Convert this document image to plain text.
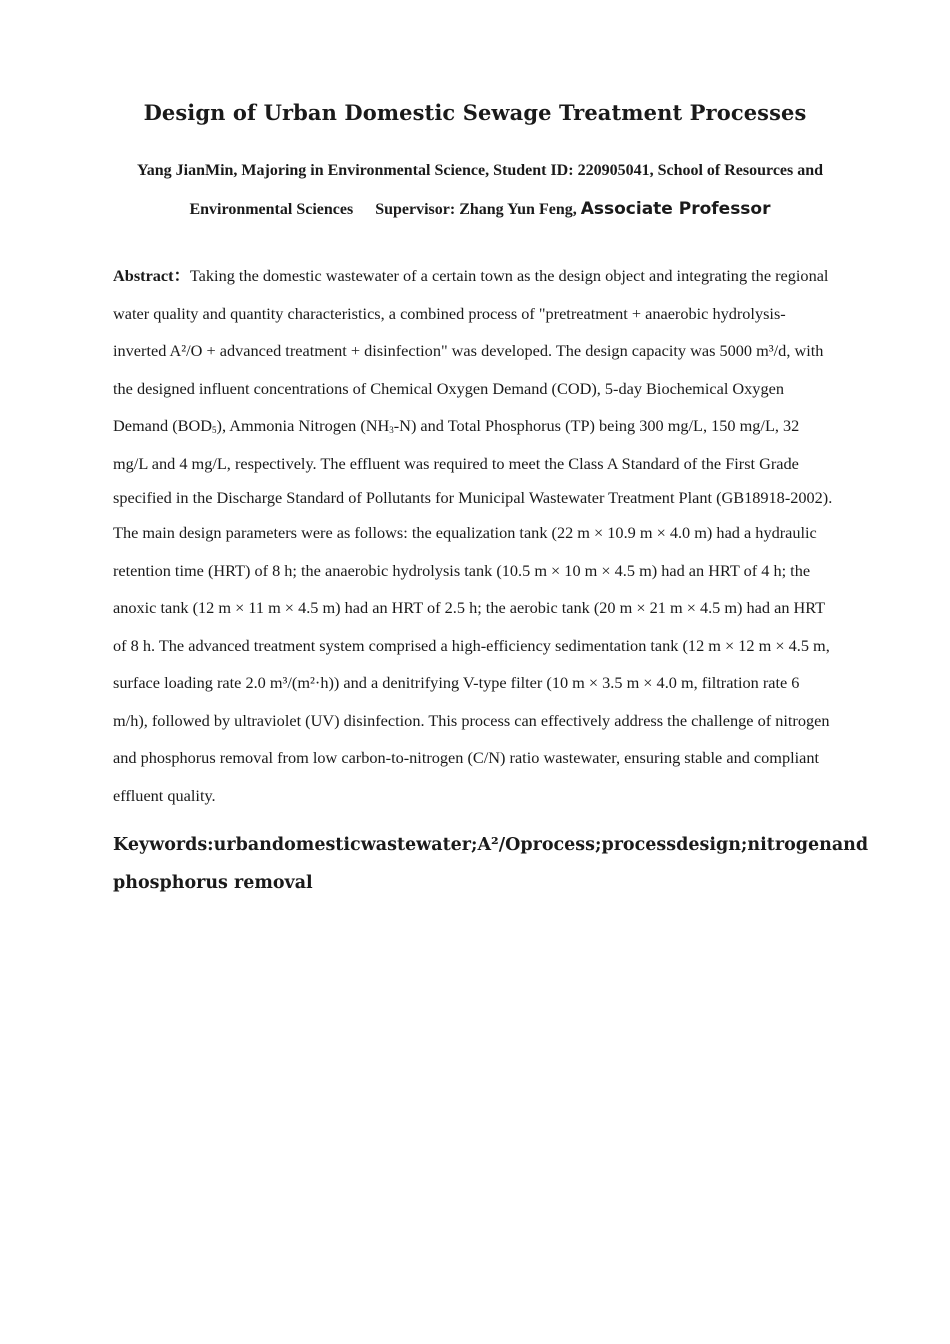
Design of Urban Domestic Sewage Treatment Processes
Yang JianMin, Majoring in Environmental Science, Student ID: 220905041, School of Resources and
Environmental Sciences Supervisor: Zhang Yun Feng, Associate Professor
Abstract：Taking the domestic wastewater of a certain town as the design object and integrating the regional
water quality and quantity characteristics, a combined process of "pretreatment + anaerobic hydrolysis-
inverted A²/O + advanced treatment + disinfection" was developed. The design capacity was 5000 m³/d, with
the designed influent concentrations of Chemical Oxygen Demand (COD), 5-day Biochemical Oxygen
Demand $(BOD_5)$, Ammonia Nitrogen $(NH_3-N)$ and Total Phosphorus (TP) being 300 mg/L, 150 mg/L, 32
mg/L and 4 mg/L, respectively. The effluent was required to meet the Class A Standard of the First Grade
specified in the Discharge Standard of Pollutants for Municipal Wastewater Treatment Plant (GB18918-2002).
The main design parameters were as follows: the equalization tank (22 m × 10.9 m × 4.0 m) had a hydraulic
retention time (HRT) of 8 h; the anaerobic hydrolysis tank (10.5 m × 10 m × 4.5 m) had an HRT of 4 h; the
anoxic tank (12 m × 11 m × 4.5 m) had an HRT of 2.5 h; the aerobic tank (20 m × 21 m × 4.5 m) had an HRT
of 8 h. The advanced treatment system comprised a high-efficiency sedimentation tank (12 m × 12 m × 4.5 m,
surface loading rate 2.0 m³/(m²·h)) and a denitrifying V-type filter (10 m × 3.5 m × 4.0 m, filtration rate 6
m/h), followed by ultraviolet (UV) disinfection. This process can effectively address the challenge of nitrogen
and phosphorus removal from low carbon-to-nitrogen (C/N) ratio wastewater, ensuring stable and compliant
effluent quality.
Keywords: urban domestic wastewater; A²/O process; process design; nitrogen and
phosphorus removal
